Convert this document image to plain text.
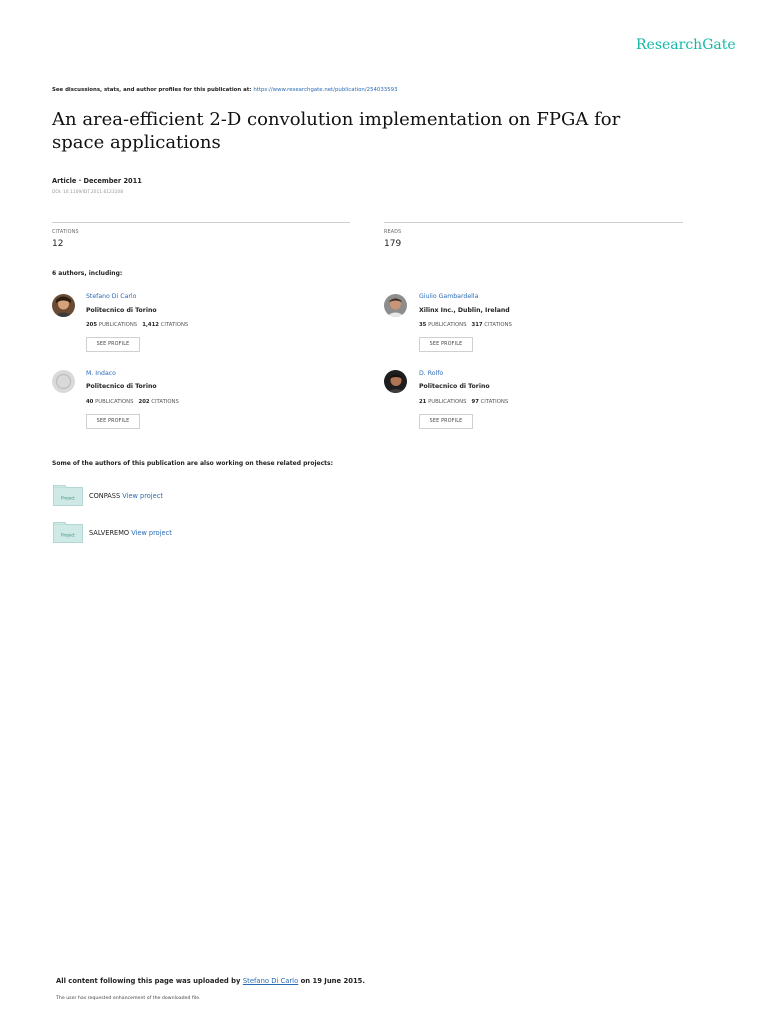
ResearchGate
See discussions, stats, and author profiles for this publication at: https://www.researchgate.net/publication/254033593
An area-efficient 2-D convolution implementation on FPGA for space applications
Article · December 2011
DOI: 10.1109/IDT.2011.6123108
CITATIONS
12
READS
179
6 authors, including:
Stefano Di Carlo
Politecnico di Torino
205 PUBLICATIONS 1,412 CITATIONS
SEE PROFILE
Giulio Gambardella
Xilinx Inc., Dublin, Ireland
35 PUBLICATIONS 317 CITATIONS
SEE PROFILE
M. Indaco
Politecnico di Torino
40 PUBLICATIONS 202 CITATIONS
SEE PROFILE
D. Rolfo
Politecnico di Torino
21 PUBLICATIONS 97 CITATIONS
SEE PROFILE
Some of the authors of this publication are also working on these related projects:
Project CONPASS View project
Project SALVEREMO View project
All content following this page was uploaded by Stefano Di Carlo on 19 June 2015.
The user has requested enhancement of the downloaded file.
